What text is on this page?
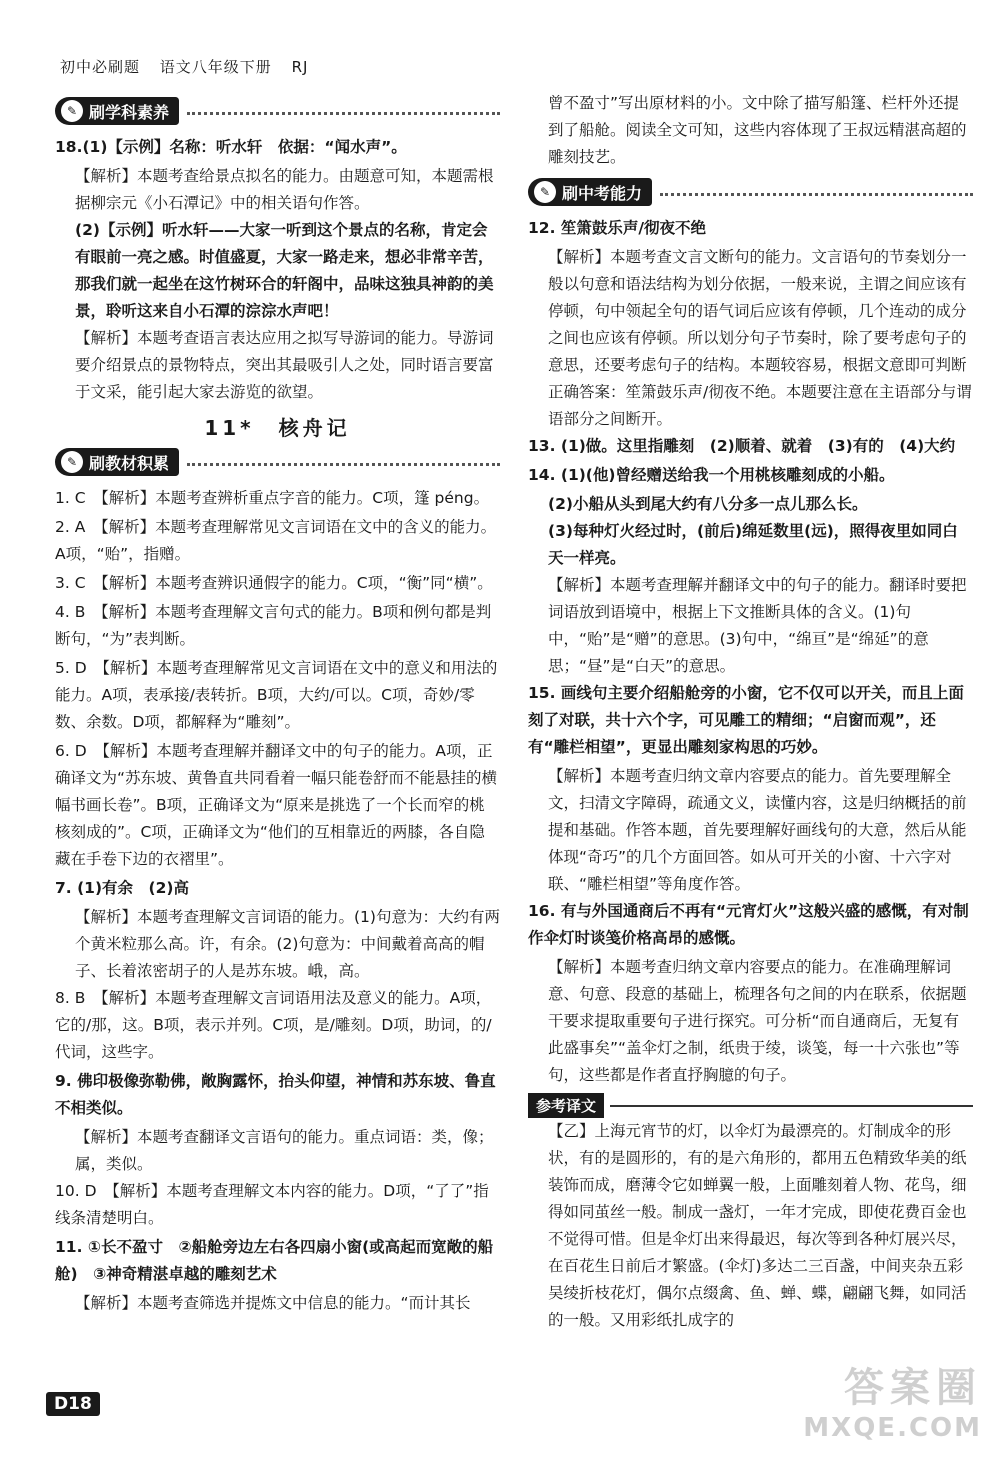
初中必刷题 语文八年级下册 RJ
✎ 刷学科素养
18.(1)【示例】名称：听水轩　依据：“闻水声”。
【解析】本题考查给景点拟名的能力。由题意可知，本题需根据柳宗元《小石潭记》中的相关语句作答。
(2)【示例】听水轩——大家一听到这个景点的名称，肯定会有眼前一亮之感。时值盛夏，大家一路走来，想必非常辛苦，那我们就一起坐在这竹树环合的轩阁中，品味这独具神韵的美景，聆听这来自小石潭的淙淙水声吧！
【解析】本题考查语言表达应用之拟写导游词的能力。导游词要介绍景点的景物特点，突出其最吸引人之处，同时语言要富于文采，能引起大家去游览的欲望。
11*　核舟记
✎ 刷教材积累
1. C　【解析】本题考查辨析重点字音的能力。C项，篷 péng。
2. A　【解析】本题考查理解常见文言词语在文中的含义的能力。A项，“贻”，指赠。
3. C　【解析】本题考查辨识通假字的能力。C项，“衡”同“横”。
4. B　【解析】本题考查理解文言句式的能力。B项和例句都是判断句，“为”表判断。
5. D　【解析】本题考查理解常见文言词语在文中的意义和用法的能力。A项，表承接/表转折。B项，大约/可以。C项，奇妙/零数、余数。D项，都解释为“雕刻”。
6. D　【解析】本题考查理解并翻译文中的句子的能力。A项，正确译文为“苏东坡、黄鲁直共同看着一幅只能卷舒而不能悬挂的横幅书画长卷”。B项，正确译文为“原来是挑选了一个长而窄的桃核刻成的”。C项，正确译文为“他们的互相靠近的两膝，各自隐藏在手卷下边的衣褶里”。
7. (1)有余　(2)高
【解析】本题考查理解文言词语的能力。(1)句意为：大约有两个黄米粒那么高。许，有余。(2)句意为：中间戴着高高的帽子、长着浓密胡子的人是苏东坡。峨，高。
8. B　【解析】本题考查理解文言词语用法及意义的能力。A项，它的/那，这。B项，表示并列。C项，是/雕刻。D项，助词，的/代词，这些字。
9. 佛印极像弥勒佛，敞胸露怀，抬头仰望，神情和苏东坡、鲁直不相类似。
【解析】本题考查翻译文言语句的能力。重点词语：类，像；属，类似。
10. D　【解析】本题考查理解文本内容的能力。D项，“了了”指线条清楚明白。
11. ①长不盈寸　②船舱旁边左右各四扇小窗(或高起而宽敞的船舱)　③神奇精湛卓越的雕刻艺术
【解析】本题考查筛选并提炼文中信息的能力。“而计其长
曾不盈寸”写出原材料的小。文中除了描写船篷、栏杆外还提到了船舱。阅读全文可知，这些内容体现了王叔远精湛高超的雕刻技艺。
✎ 刷中考能力
12. 笙箫鼓乐声/彻夜不绝
【解析】本题考查文言文断句的能力。文言语句的节奏划分一般以句意和语法结构为划分依据，一般来说，主谓之间应该有停顿，句中领起全句的语气词后应该有停顿，几个连动的成分之间也应该有停顿。所以划分句子节奏时，除了要考虑句子的意思，还要考虑句子的结构。本题较容易，根据文意即可判断正确答案：笙箫鼓乐声/彻夜不绝。本题要注意在主语部分与谓语部分之间断开。
13. (1)做。这里指雕刻　(2)顺着、就着　(3)有的　(4)大约
14. (1)(他)曾经赠送给我一个用桃核雕刻成的小船。
(2)小船从头到尾大约有八分多一点儿那么长。
(3)每种灯火经过时，(前后)绵延数里(远)，照得夜里如同白天一样亮。
【解析】本题考查理解并翻译文中的句子的能力。翻译时要把词语放到语境中，根据上下文推断具体的含义。(1)句中，“贻”是“赠”的意思。(3)句中，“绵亘”是“绵延”的意思；“昼”是“白天”的意思。
15. 画线句主要介绍船舱旁的小窗，它不仅可以开关，而且上面刻了对联，共十六个字，可见雕工的精细；“启窗而观”，还有“雕栏相望”，更显出雕刻家构思的巧妙。
【解析】本题考查归纳文章内容要点的能力。首先要理解全文，扫清文字障碍，疏通文义，读懂内容，这是归纳概括的前提和基础。作答本题，首先要理解好画线句的大意，然后从能体现“奇巧”的几个方面回答。如从可开关的小窗、十六字对联、“雕栏相望”等角度作答。
16. 有与外国通商后不再有“元宵灯火”这般兴盛的感慨，有对制作伞灯时谈笺价格高昂的感慨。
【解析】本题考查归纳文章内容要点的能力。在准确理解词意、句意、段意的基础上，梳理各句之间的内在联系，依据题干要求提取重要句子进行探究。可分析“而自通商后，无复有此盛事矣”“盖伞灯之制，纸贵于绫，谈笺，每一十六张也”等句，这些都是作者直抒胸臆的句子。
参考译文
【乙】上海元宵节的灯，以伞灯为最漂亮的。灯制成伞的形状，有的是圆形的，有的是六角形的，都用五色精致华美的纸装饰而成，磨薄令它如蝉翼一般，上面雕刻着人物、花鸟，细得如同茧丝一般。制成一盏灯，一年才完成，即使花费百金也不觉得可惜。但是伞灯出来得最迟，每次等到各种灯展兴尽，在百花生日前后才繁盛。(伞灯)多达二三百盏，中间夹杂五彩吴绫折枝花灯，偶尔点缀禽、鱼、蝉、蝶，翩翩飞舞，如同活的一般。又用彩纸扎成字的
D18	答案圈
MXQE.COM
